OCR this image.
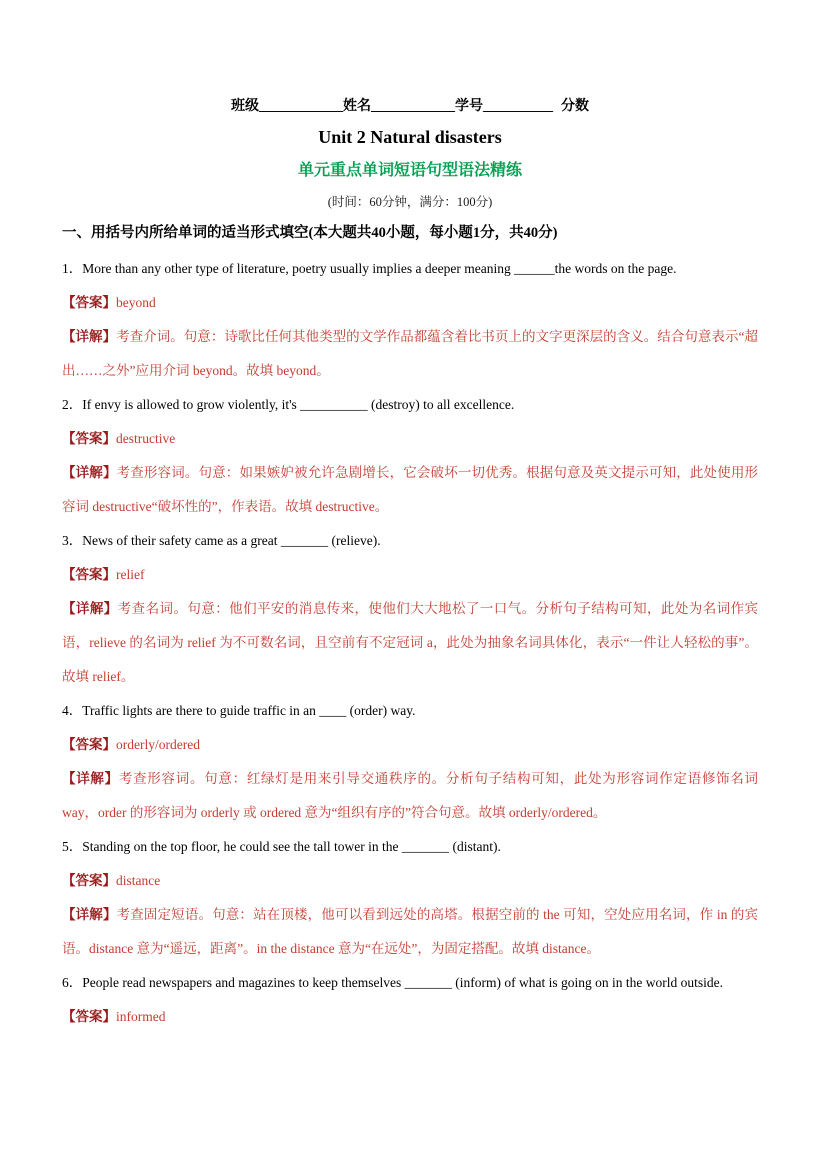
班级____________姓名____________学号__________ 分数
Unit 2 Natural disasters
单元重点单词短语句型语法精练
(时间：60分钟，满分：100分)
一、用括号内所给单词的适当形式填空(本大题共40小题，每小题1分，共40分)

1．More than any other type of literature, poetry usually implies a deeper meaning ______the words on the page.

【答案】beyond

【详解】考查介词。句意：诗歌比任何其他类型的文学作品都蕴含着比书页上的文字更深层的含义。结合句意表示“超出……之外”应用介词 beyond。故填 beyond。

2．If envy is allowed to grow violently, it's __________ (destroy) to all excellence.

【答案】destructive

【详解】考查形容词。句意：如果嫉妒被允许急剧增长，它会破坏一切优秀。根据句意及英文提示可知，此处使用形容词 destructive“破坏性的”，作表语。故填 destructive。

3．News of their safety came as a great _______ (relieve).

【答案】relief

【详解】考查名词。句意：他们平安的消息传来，使他们大大地松了一口气。分析句子结构可知，此处为名词作宾语，relieve 的名词为 relief 为不可数名词，且空前有不定冠词 a，此处为抽象名词具体化，表示“一件让人轻松的事”。故填 relief。

4．Traffic lights are there to guide traffic in an ____ (order) way.

【答案】orderly/ordered

【详解】考查形容词。句意：红绿灯是用来引导交通秩序的。分析句子结构可知，此处为形容词作定语修饰名词 way，order 的形容词为 orderly 或 ordered 意为“组织有序的”符合句意。故填 orderly/ordered。

5．Standing on the top floor, he could see the tall tower in the _______ (distant).

【答案】distance

【详解】考查固定短语。句意：站在顶楼，他可以看到远处的高塔。根据空前的 the 可知，空处应用名词，作 in 的宾语。distance 意为“遥远，距离”。in the distance 意为“在远处”，为固定搭配。故填 distance。

6．People read newspapers and magazines to keep themselves _______ (inform) of what is going on in the world outside.

【答案】informed
